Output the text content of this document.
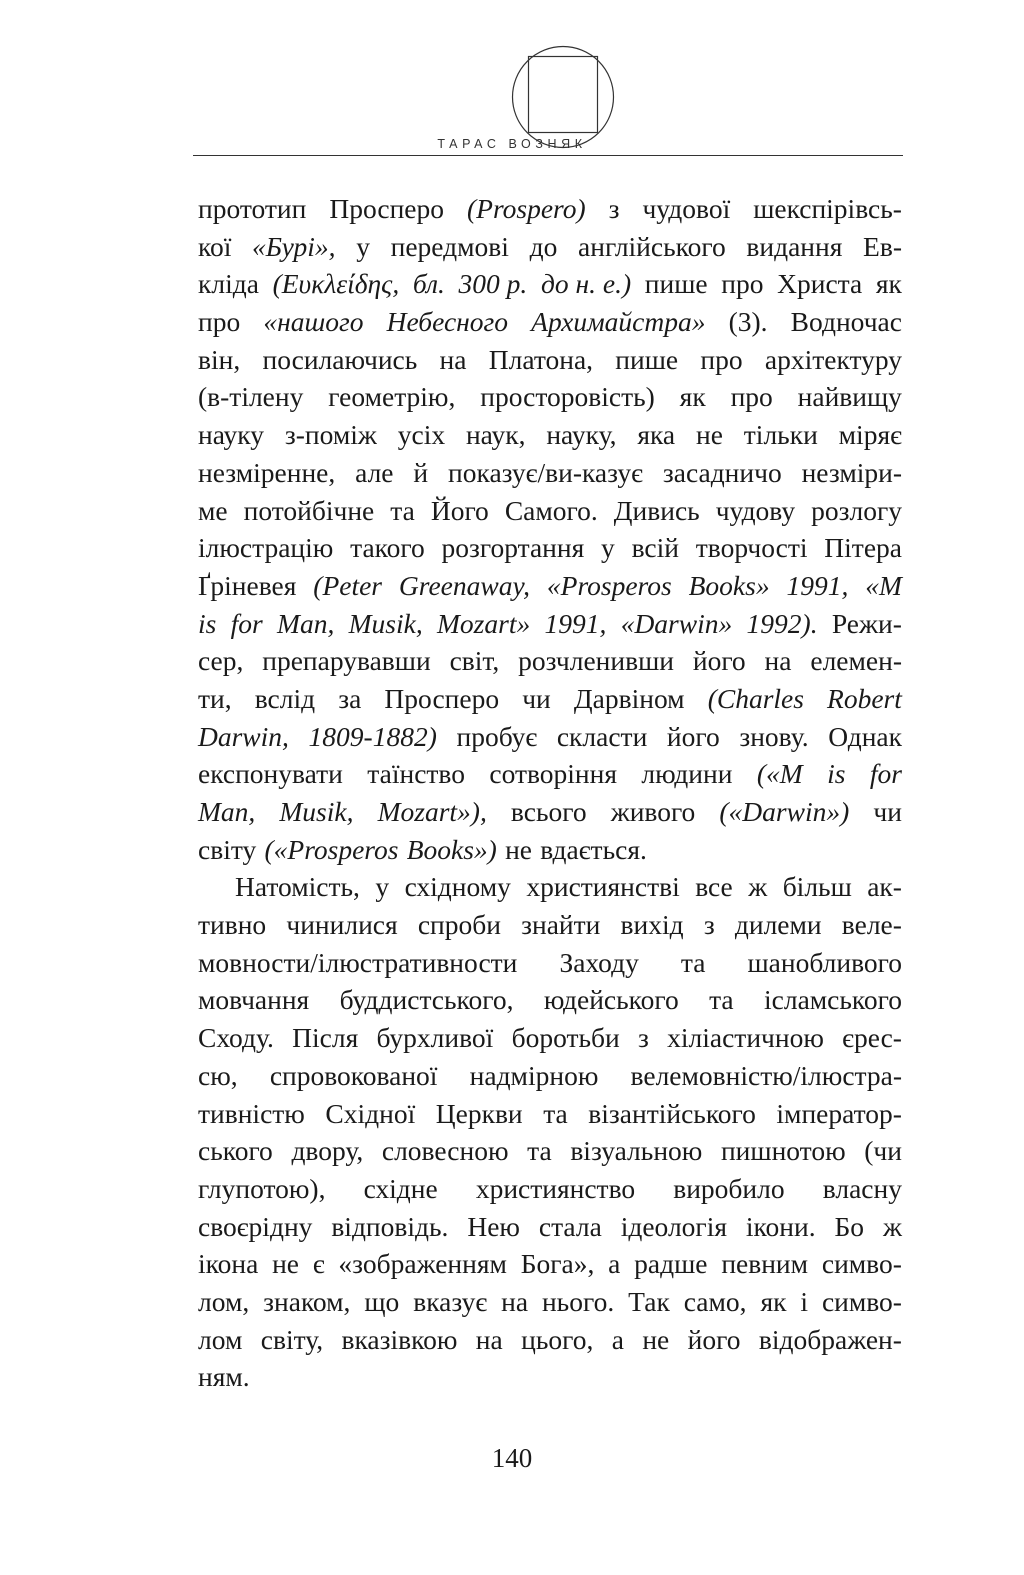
ТАРАС ВОЗНЯК
прототип Просперо (Prospero) з чудової шекспірівсь-
кої «Бурі», у передмові до англійського видання Ев-
кліда (Ευκλείδης, бл. 300 р. до н. е.) пише про Христа як
про «нашого Небесного Архимайстра» (3). Водночас
він, посилаючись на Платона, пише про архітектуру
(в-тілену геометрію, просторовість) як про найвищу
науку з-поміж усіх наук, науку, яка не тільки міряє
незміренне, але й показує/ви-казує засадничо незміри-
ме потойбічне та Його Самого. Дивись чудову розлогу
ілюстрацію такого розгортання у всій творчості Пітера
Ґріневея (Peter Greenaway, «Prosperos Books» 1991, «M
is for Man, Musik, Mozart» 1991, «Darwin» 1992). Режи-
сер, препарувавши світ, розчленивши його на елемен-
ти, вслід за Просперо чи Дарвіном (Charles Robert
Darwin, 1809-1882) пробує скласти його знову. Однак
експонувати таїнство сотворіння людини («M is for
Man, Musik, Mozart»), всього живого («Darwin») чи
світу («Prosperos Books») не вдається.
Натомість, у східному християнстві все ж більш ак-
тивно чинилися спроби знайти вихід з дилеми веле-
мовности/ілюстративности Заходу та шанобливого
мовчання буддистського, юдейського та ісламського
Сходу. Після бурхливої боротьби з хіліастичною єрес-
сю, спровокованої надмірною велемовністю/ілюстра-
тивністю Східної Церкви та візантійського імператор-
ського двору, словесною та візуальною пишнотою (чи
глупотою), східне християнство виробило власну
своєрідну відповідь. Нею стала ідеологія ікони. Бо ж
ікона не є «зображенням Бога», а радше певним симво-
лом, знаком, що вказує на нього. Так само, як і симво-
лом світу, вказівкою на цього, а не його відображен-
ням.
140
